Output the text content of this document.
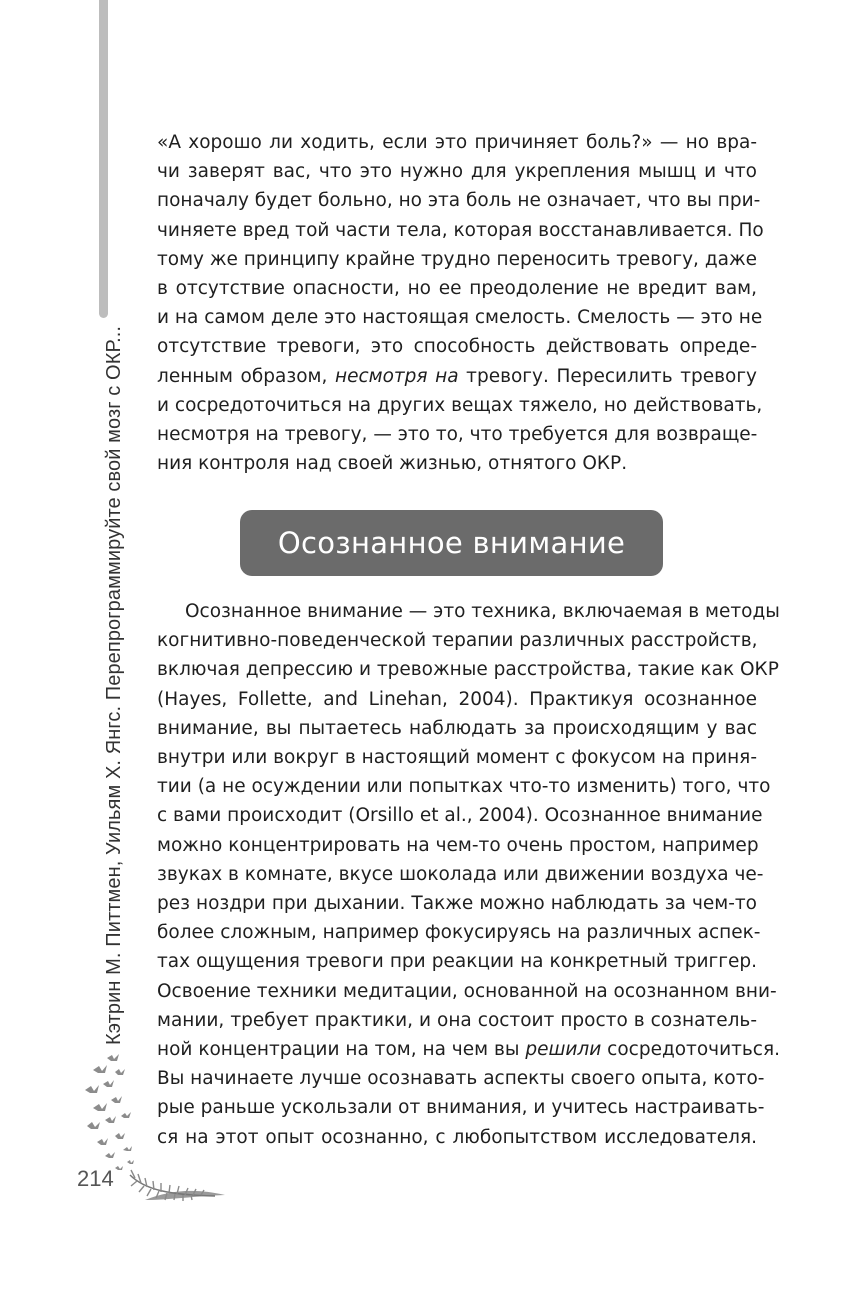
Кэтрин М. Питтмен, Уильям Х. Янгс. Перепрограммируйте свой мозг с ОКР...
214

«А хорошо ли ходить, если это причиняет боль?» — но вра-
чи заверят вас, что это нужно для укрепления мышц и что
поначалу будет больно, но эта боль не означает, что вы при-
чиняете вред той части тела, которая восстанавливается. По
тому же принципу крайне трудно переносить тревогу, даже
в отсутствие опасности, но ее преодоление не вредит вам,
и на самом деле это настоящая смелость. Смелость — это не
отсутствие тревоги, это способность действовать опреде-
ленным образом, несмотря на тревогу. Пересилить тревогу
и сосредоточиться на других вещах тяжело, но действовать,
несмотря на тревогу, — это то, что требуется для возвраще-
ния контроля над своей жизнью, отнятого ОКР.

Осознанное внимание

Осознанное внимание — это техника, включаемая в методы
когнитивно-поведенческой терапии различных расстройств,
включая депрессию и тревожные расстройства, такие как ОКР
(Hayes, Follette, and Linehan, 2004). Практикуя осознанное
внимание, вы пытаетесь наблюдать за происходящим у вас
внутри или вокруг в настоящий момент с фокусом на приня-
тии (а не осуждении или попытках что-то изменить) того, что
с вами происходит (Orsillo et al., 2004). Осознанное внимание
можно концентрировать на чем-то очень простом, например
звуках в комнате, вкусе шоколада или движении воздуха че-
рез ноздри при дыхании. Также можно наблюдать за чем-то
более сложным, например фокусируясь на различных аспек-
тах ощущения тревоги при реакции на конкретный триггер.
Освоение техники медитации, основанной на осознанном вни-
мании, требует практики, и она состоит просто в сознатель-
ной концентрации на том, на чем вы решили сосредоточиться.
Вы начинаете лучше осознавать аспекты своего опыта, кото-
рые раньше ускользали от внимания, и учитесь настраивать-
ся на этот опыт осознанно, с любопытством исследователя.
